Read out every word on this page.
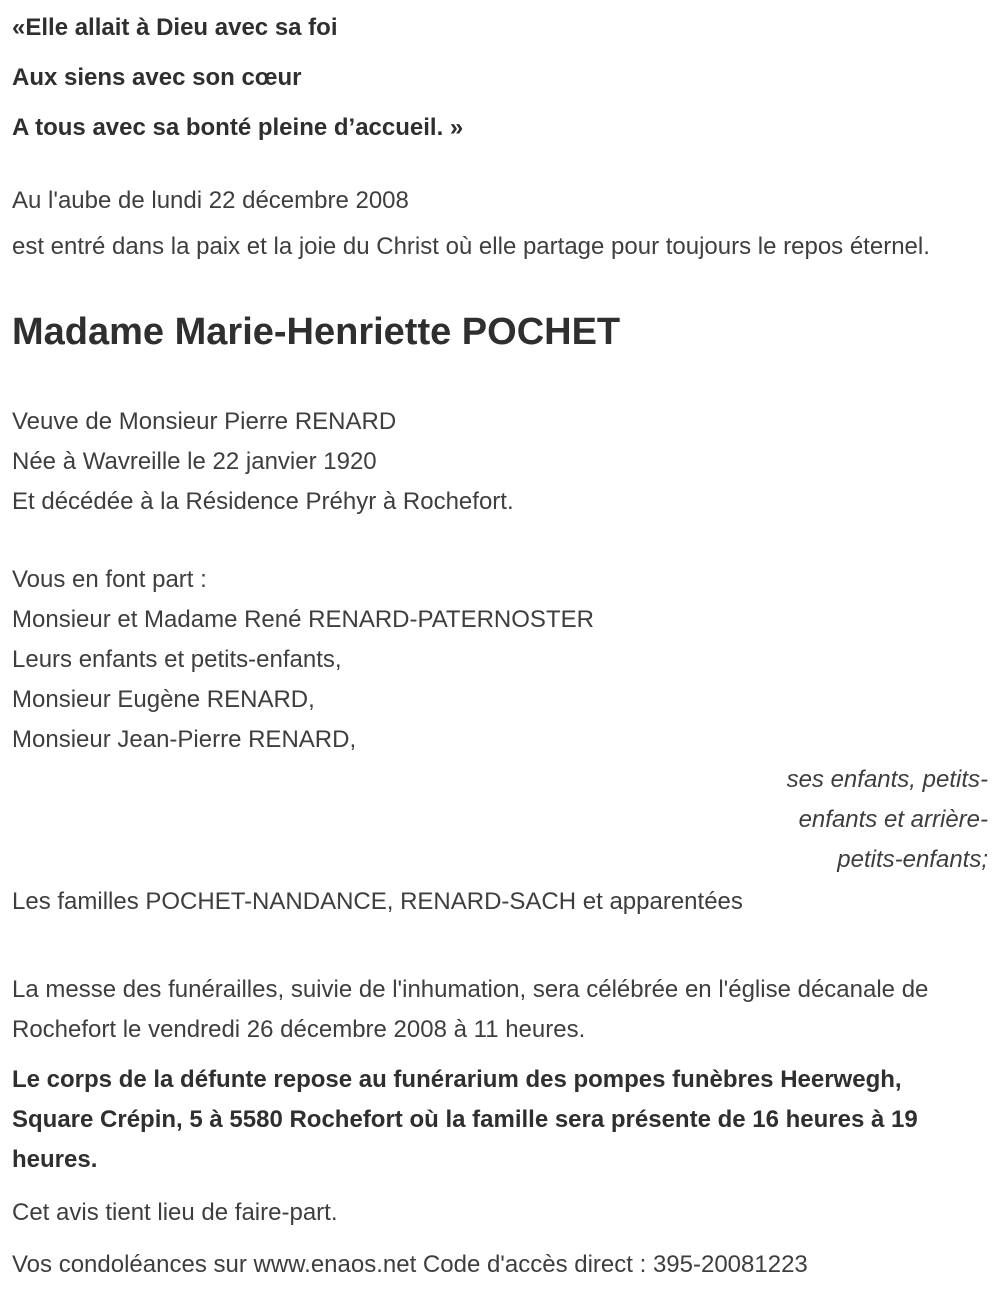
«Elle allait à Dieu avec sa foi

Aux siens avec son cœur

A tous avec sa bonté pleine d’accueil. »

Au l'aube de lundi 22 décembre 2008

est entré dans la paix et la joie du Christ où elle partage pour toujours le repos éternel.

Madame Marie-Henriette POCHET

Veuve de Monsieur Pierre RENARD

Née à Wavreille le 22 janvier 1920

Et décédée à la Résidence Préhyr à Rochefort.

Vous en font part :

Monsieur et Madame René RENARD-PATERNOSTER

Leurs enfants et petits-enfants,

Monsieur Eugène RENARD,

Monsieur Jean-Pierre RENARD,

ses enfants, petits-enfants et arrière-petits-enfants;

Les familles POCHET-NANDANCE, RENARD-SACH et apparentées

La messe des funérailles, suivie de l'inhumation, sera célébrée en l'église décanale de Rochefort le vendredi 26 décembre 2008 à 11 heures.

Le corps de la défunte repose au funérarium des pompes funèbres Heerwegh, Square Crépin, 5 à 5580 Rochefort où la famille sera présente de 16 heures à 19 heures.

Cet avis tient lieu de faire-part.

Vos condoléances sur www.enaos.net Code d'accès direct : 395-20081223
